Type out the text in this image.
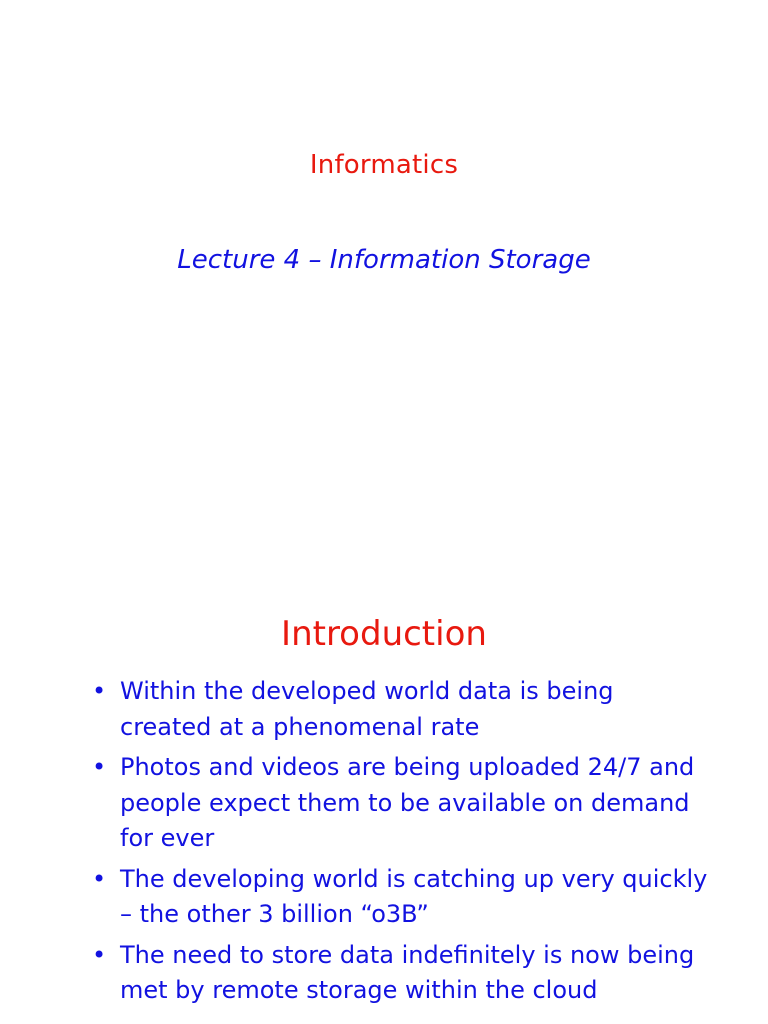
Informatics
Lecture 4 – Information Storage
Introduction
• Within the developed world data is being created at a phenomenal rate
• Photos and videos are being uploaded 24/7 and people expect them to be available on demand for ever
• The developing world is catching up very quickly – the other 3 billion “o3B”
• The need to store data indefinitely is now being met by remote storage within the cloud
